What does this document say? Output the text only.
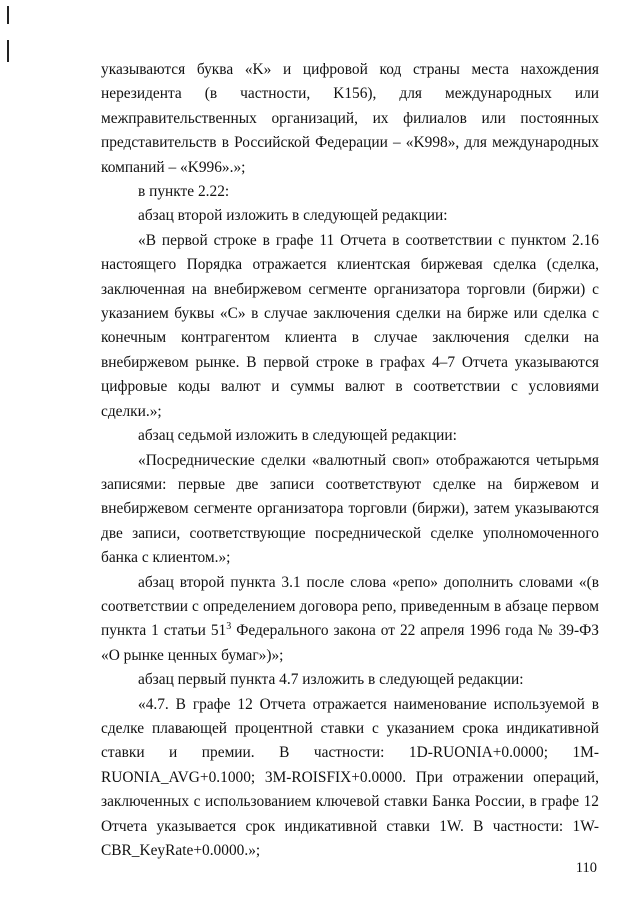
указываются буква «K» и цифровой код страны места нахождения нерезидента (в частности, K156), для международных или межправительственных организаций, их филиалов или постоянных представительств в Российской Федерации – «K998», для международных компаний – «K996».»;

в пункте 2.22:

абзац второй изложить в следующей редакции:

«В первой строке в графе 11 Отчета в соответствии с пунктом 2.16 настоящего Порядка отражается клиентская биржевая сделка (сделка, заключенная на внебиржевом сегменте организатора торговли (биржи) с указанием буквы «С» в случае заключения сделки на бирже или сделка с конечным контрагентом клиента в случае заключения сделки на внебиржевом рынке. В первой строке в графах 4–7 Отчета указываются цифровые коды валют и суммы валют в соответствии с условиями сделки.»;

абзац седьмой изложить в следующей редакции:

«Посреднические сделки «валютный своп» отображаются четырьмя записями: первые две записи соответствуют сделке на биржевом и внебиржевом сегменте организатора торговли (биржи), затем указываются две записи, соответствующие посреднической сделке уполномоченного банка с клиентом.»;

абзац второй пункта 3.1 после слова «репо» дополнить словами «(в соответствии с определением договора репо, приведенным в абзаце первом пункта 1 статьи $51^3$ Федерального закона от 22 апреля 1996 года № 39-ФЗ «О рынке ценных бумаг»)»;

абзац первый пункта 4.7 изложить в следующей редакции:

«4.7. В графе 12 Отчета отражается наименование используемой в сделке плавающей процентной ставки с указанием срока индикативной ставки и премии. В частности: 1D-RUONIA+0.0000; 1M-RUONIA_AVG+0.1000; 3M-ROISFIX+0.0000. При отражении операций, заключенных с использованием ключевой ставки Банка России, в графе 12 Отчета указывается срок индикативной ставки 1W. В частности: 1W-CBR_KeyRate+0.0000.»;

110
